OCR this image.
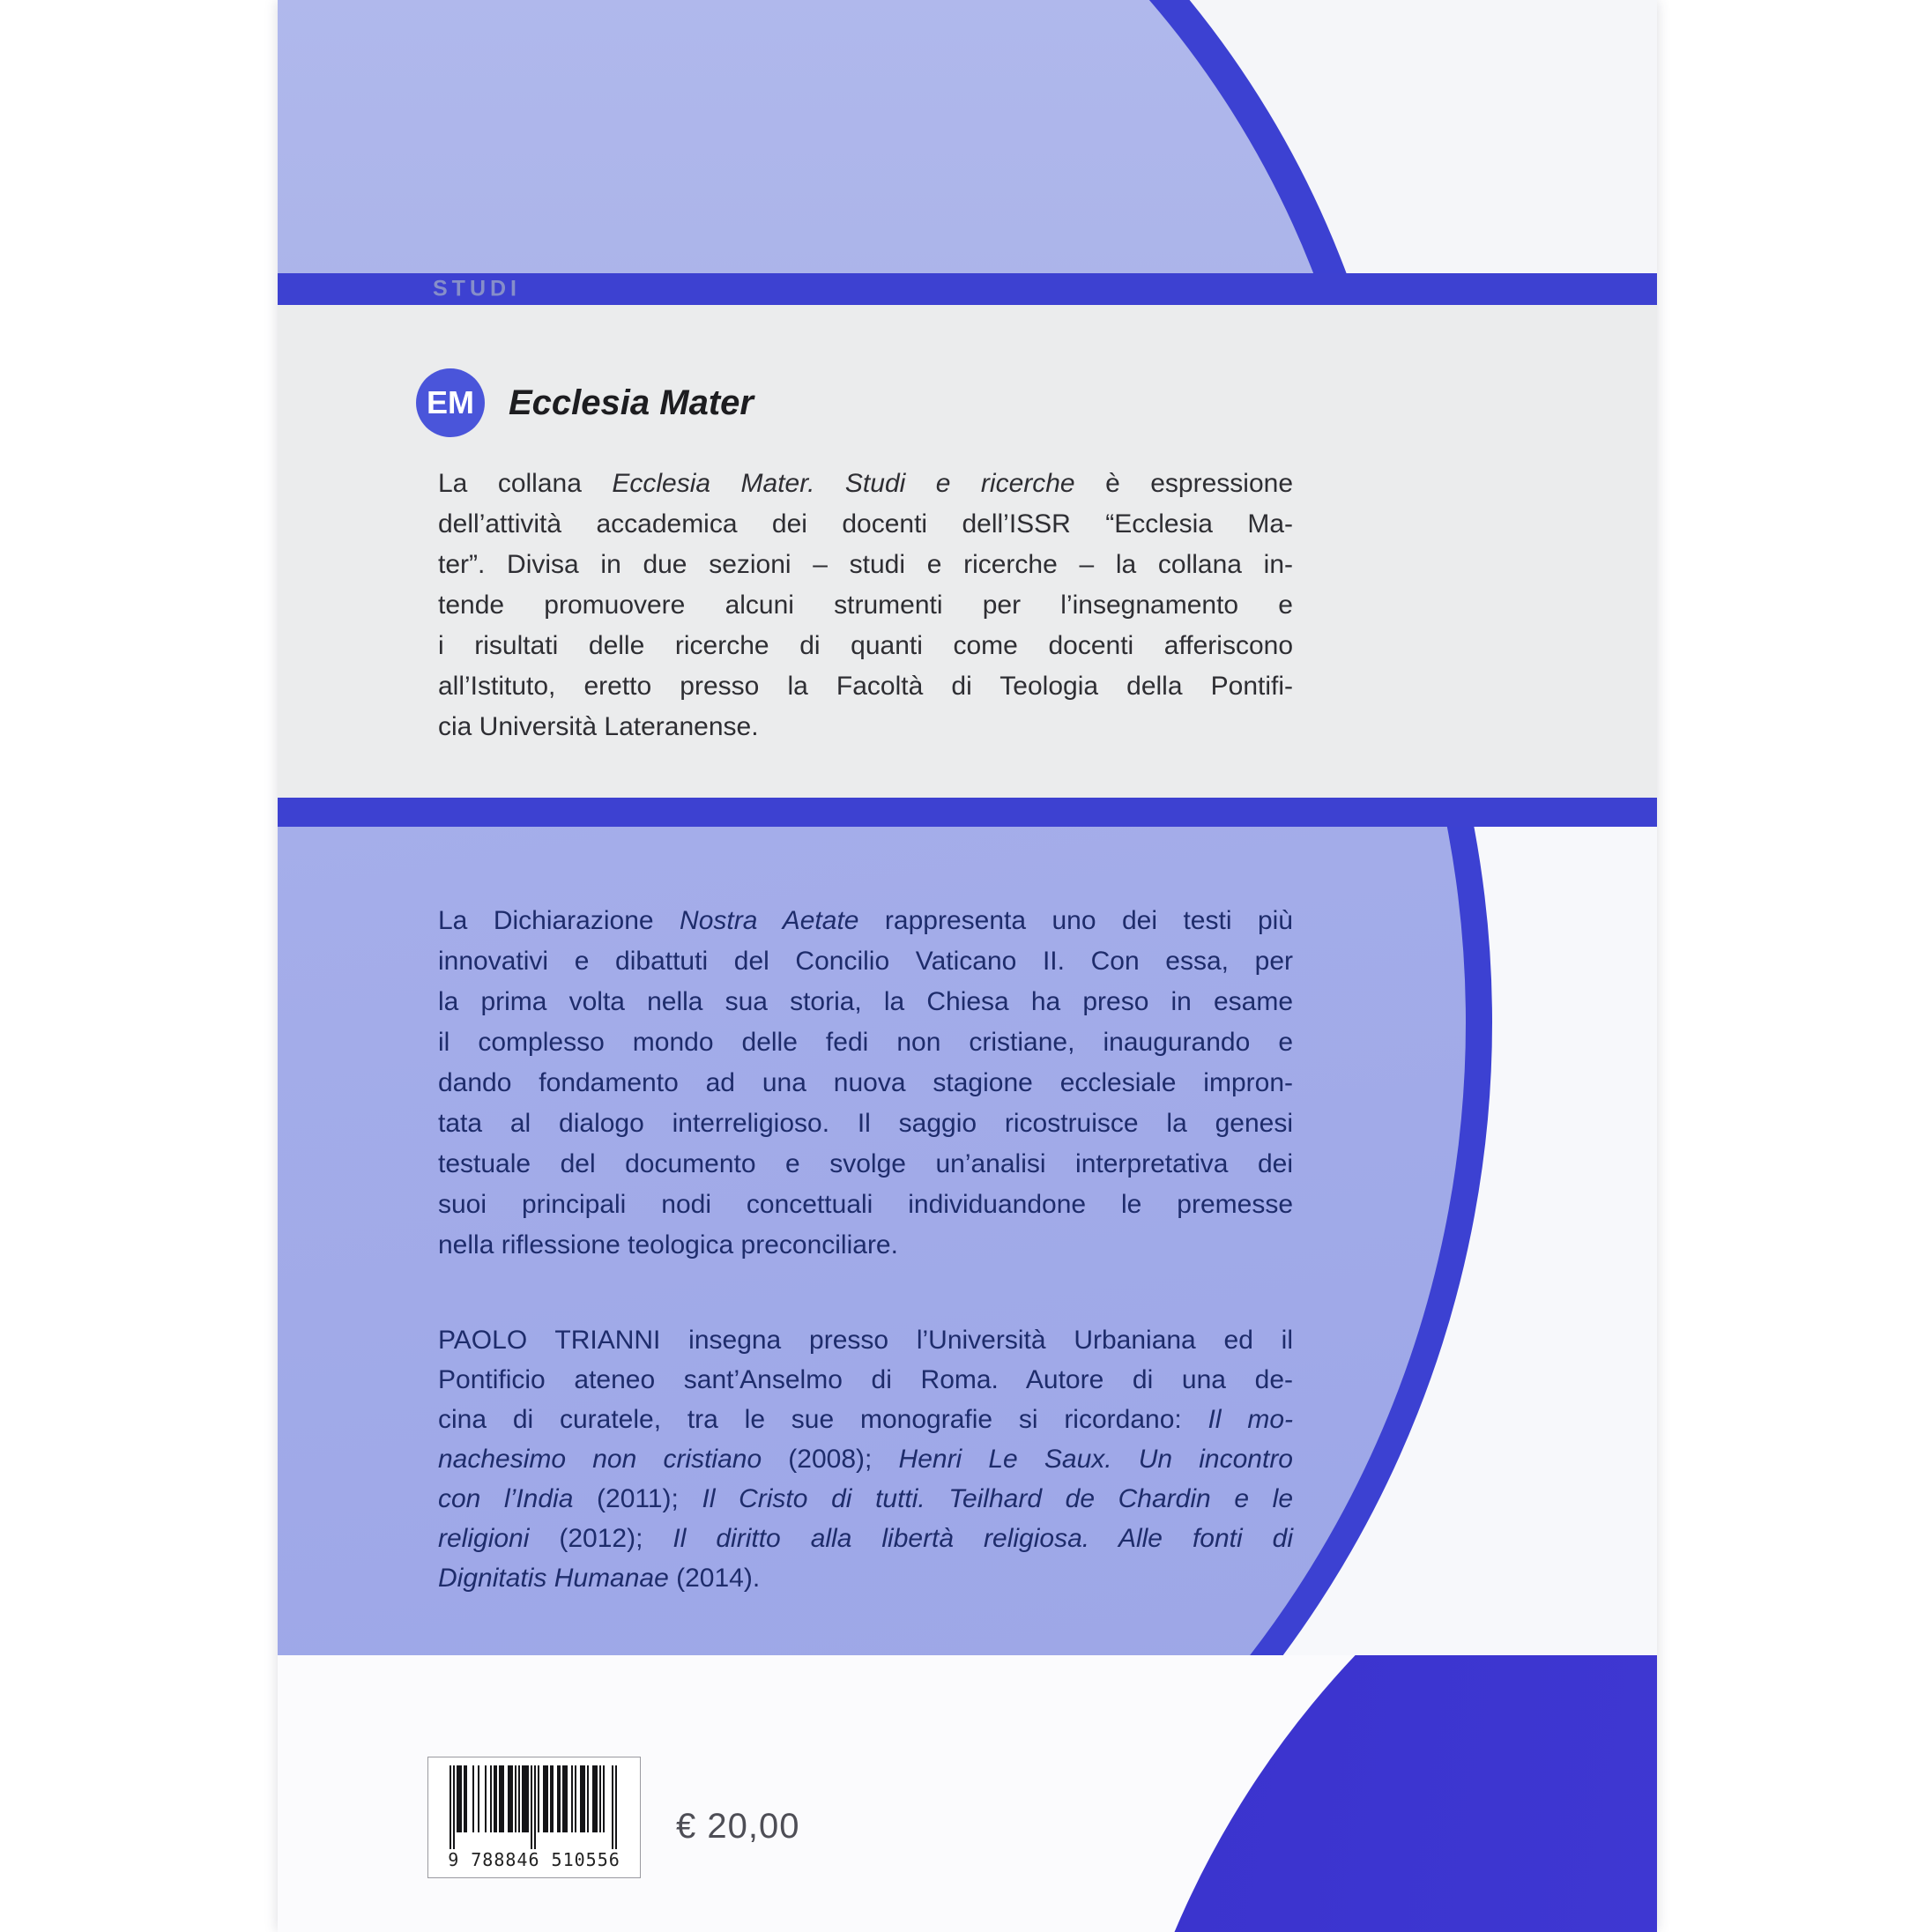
STUDI
EM Ecclesia Mater
La collana Ecclesia Mater. Studi e ricerche è espressione
dell’attività accademica dei docenti dell’ISSR “Ecclesia Ma-
ter”. Divisa in due sezioni – studi e ricerche – la collana in-
tende promuovere alcuni strumenti per l’insegnamento e
i risultati delle ricerche di quanti come docenti afferiscono
all’Istituto, eretto presso la Facoltà di Teologia della Pontifi-
cia Università Lateranense.
La Dichiarazione Nostra Aetate rappresenta uno dei testi più
innovativi e dibattuti del Concilio Vaticano II. Con essa, per
la prima volta nella sua storia, la Chiesa ha preso in esame
il complesso mondo delle fedi non cristiane, inaugurando e
dando fondamento ad una nuova stagione ecclesiale impron-
tata al dialogo interreligioso. Il saggio ricostruisce la genesi
testuale del documento e svolge un’analisi interpretativa dei
suoi principali nodi concettuali individuandone le premesse
nella riflessione teologica preconciliare.
PAOLO TRIANNI insegna presso l’Università Urbaniana ed il
Pontificio ateneo sant’Anselmo di Roma. Autore di una de-
cina di curatele, tra le sue monografie si ricordano: Il mo-
nachesimo non cristiano (2008); Henri Le Saux. Un incontro
con l’India (2011); Il Cristo di tutti. Teilhard de Chardin e le
religioni (2012); Il diritto alla libertà religiosa. Alle fonti di
Dignitatis Humanae (2014).
9 788846 510556
€ 20,00
